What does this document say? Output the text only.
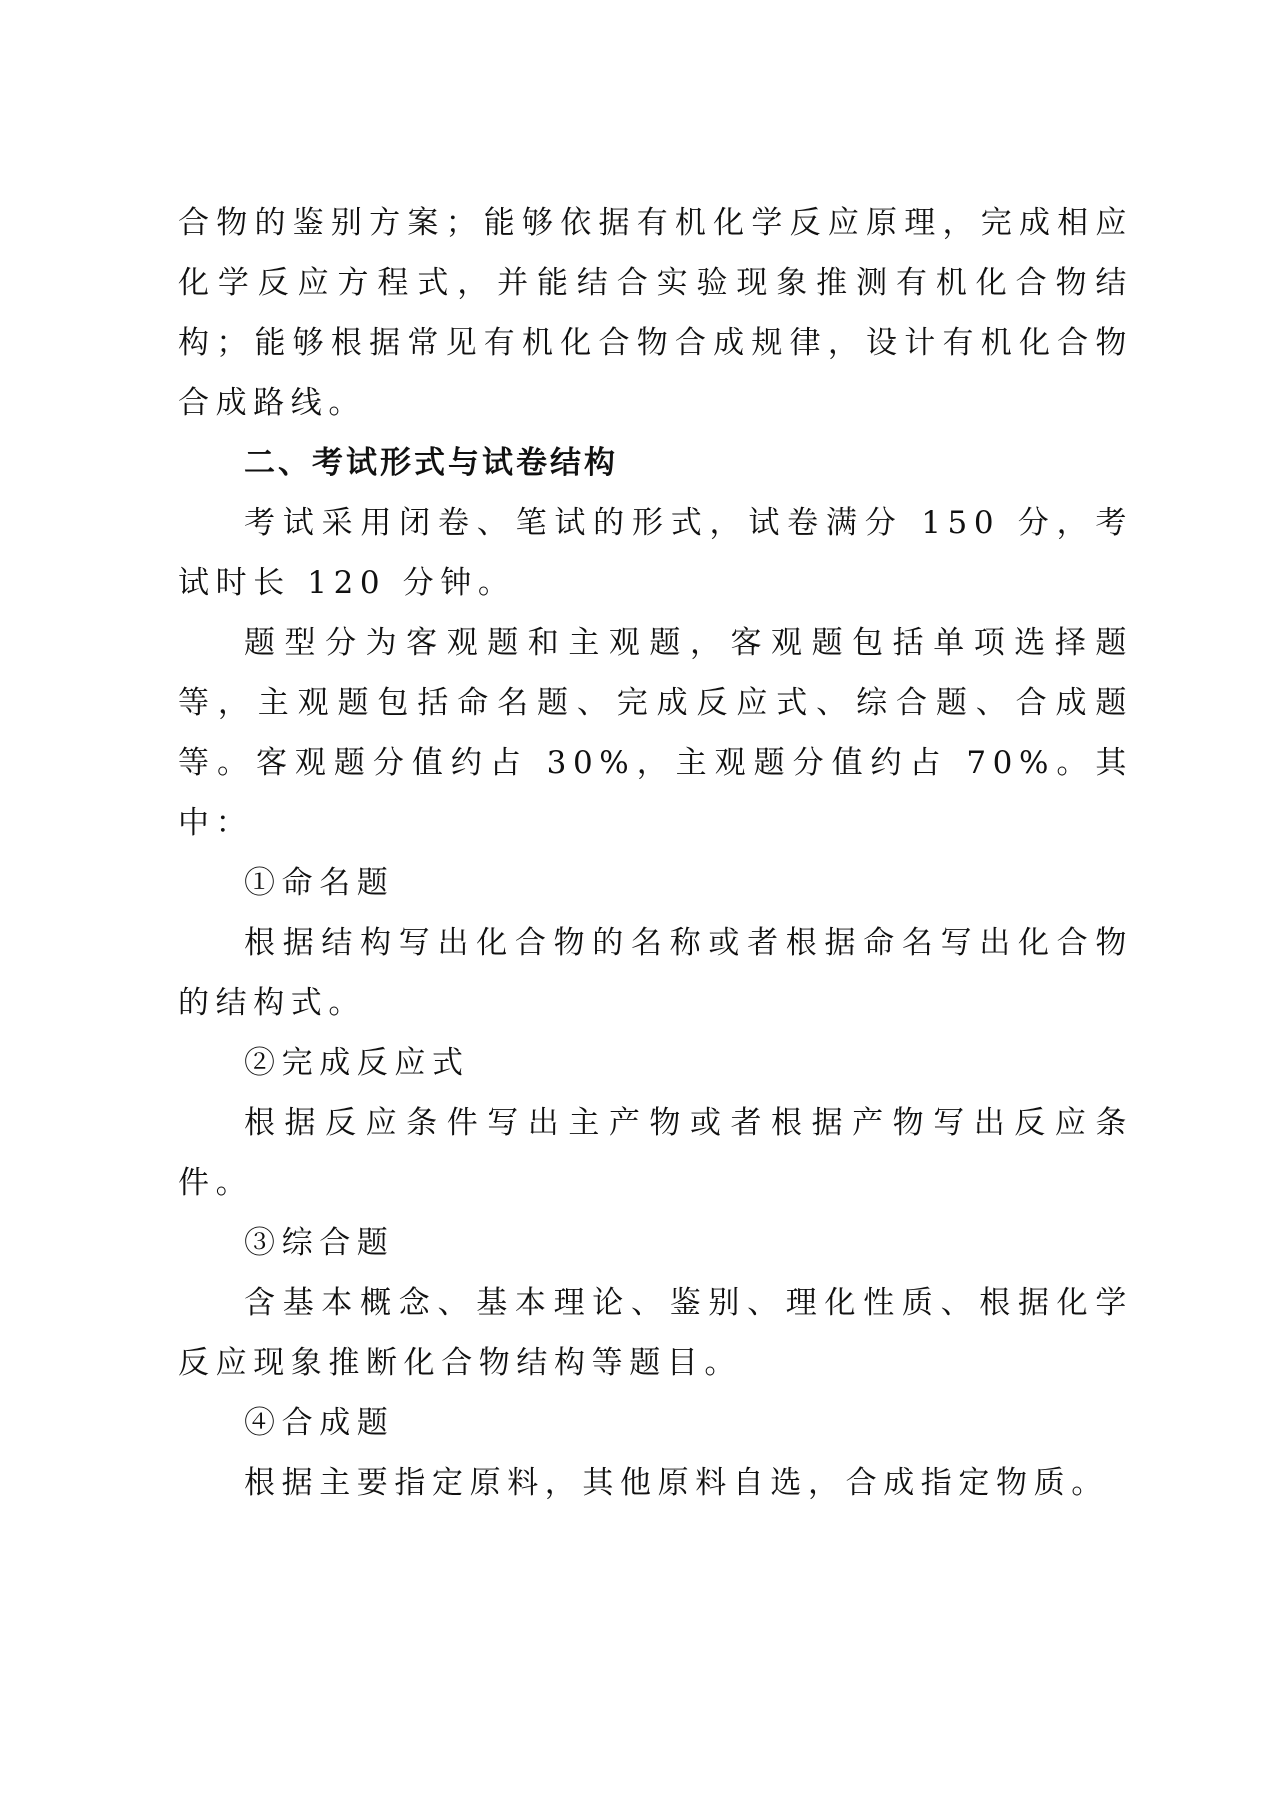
合物的鉴别方案；能够依据有机化学反应原理，完成相应化学反应方程式，并能结合实验现象推测有机化合物结构；能够根据常见有机化合物合成规律，设计有机化合物合成路线。

二、考试形式与试卷结构

考试采用闭卷、笔试的形式，试卷满分 150 分，考试时长 120 分钟。

题型分为客观题和主观题，客观题包括单项选择题等，主观题包括命名题、完成反应式、综合题、合成题等。客观题分值约占 30%，主观题分值约占 70%。其中：

①命名题

根据结构写出化合物的名称或者根据命名写出化合物的结构式。

②完成反应式

根据反应条件写出主产物或者根据产物写出反应条件。

③综合题

含基本概念、基本理论、鉴别、理化性质、根据化学反应现象推断化合物结构等题目。

④合成题

根据主要指定原料，其他原料自选，合成指定物质。
